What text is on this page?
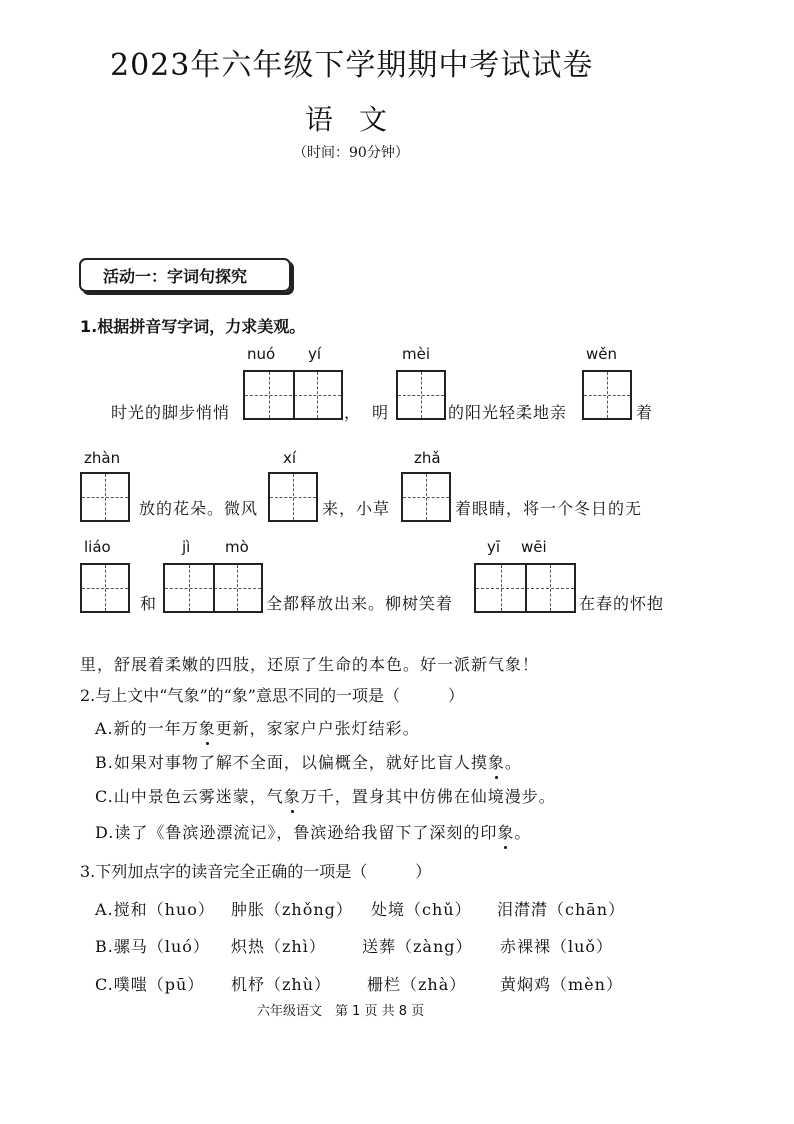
2023年六年级下学期期中考试试卷
语文
（时间：90分钟）
活动一：字词句探究
1.根据拼音写字词，力求美观。
nuó yí	mèi	wěn
时光的脚步悄悄	， 明	的阳光轻柔地亲	着
zhàn	xí	zhǎ
放的花朵。微风	来，小草	着眼睛，将一个冬日的无
liáo	jì mò	yī wēi
和	全都释放出来。柳树笑着	在春的怀抱
里，舒展着柔嫩的四肢，还原了生命的本色。好一派新气象！
2.与上文中“气象”的“象”意思不同的一项是（　　　）
A.新的一年万象更新，家家户户张灯结彩。
B.如果对事物了解不全面，以偏概全，就好比盲人摸象。
C.山中景色云雾迷蒙，气象万千，置身其中仿佛在仙境漫步。
D.读了《鲁滨逊漂流记》，鲁滨逊给我留下了深刻的印象。
3.下列加点字的读音完全正确的一项是（　　　）
A.搅和（huo） 肿胀（zhǒng） 处境（chǔ） 泪潸潸（chān）
B.骡马（luó） 炽热（zhì） 送葬（zàng） 赤裸裸（luǒ）
C.噗嗤（pū） 机杼（zhù） 栅栏（zhà） 黄焖鸡（mèn）
六年级语文　第 1 页 共 8 页
